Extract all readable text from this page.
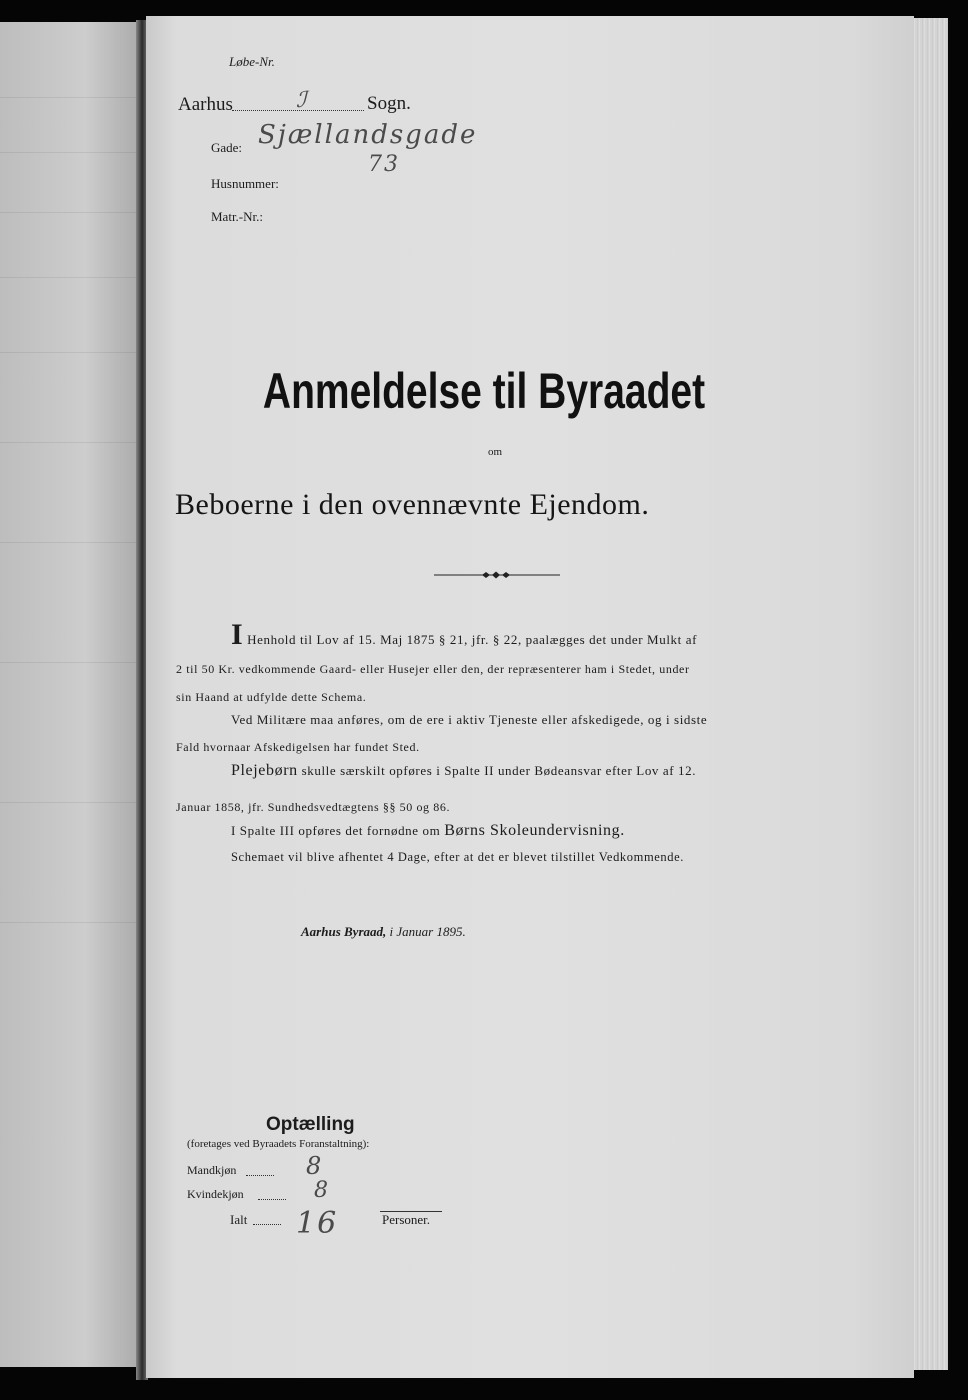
Løbe-Nr.
Aarhus	ℐ	Sogn.
Gade: Sjællandsgade
Husnummer:
73
Matr.-Nr.:
Anmeldelse til Byraadet
om
Beboerne i den ovennævnte Ejendom.
I Henhold til Lov af 15. Maj 1875 § 21, jfr. § 22, paalægges det under Mulkt af
2 til 50 Kr. vedkommende Gaard- eller Husejer eller den, der repræsenterer ham i Stedet, under
sin Haand at udfylde dette Schema.
Ved Militære maa anføres, om de ere i aktiv Tjeneste eller afskedigede, og i sidste
Fald hvornaar Afskedigelsen har fundet Sted.
Plejebørn skulle særskilt opføres i Spalte II under Bødeansvar efter Lov af 12.
Januar 1858, jfr. Sundhedsvedtægtens §§ 50 og 86.
I Spalte III opføres det fornødne om Børns Skoleundervisning.
Schemaet vil blive afhentet 4 Dage, efter at det er blevet tilstillet Vedkommende.
Aarhus Byraad, i Januar 1895.
Optælling
(foretages ved Byraadets Foranstaltning):
Mandkjøn	8
Kvindekjøn	8
Ialt 16	Personer.
